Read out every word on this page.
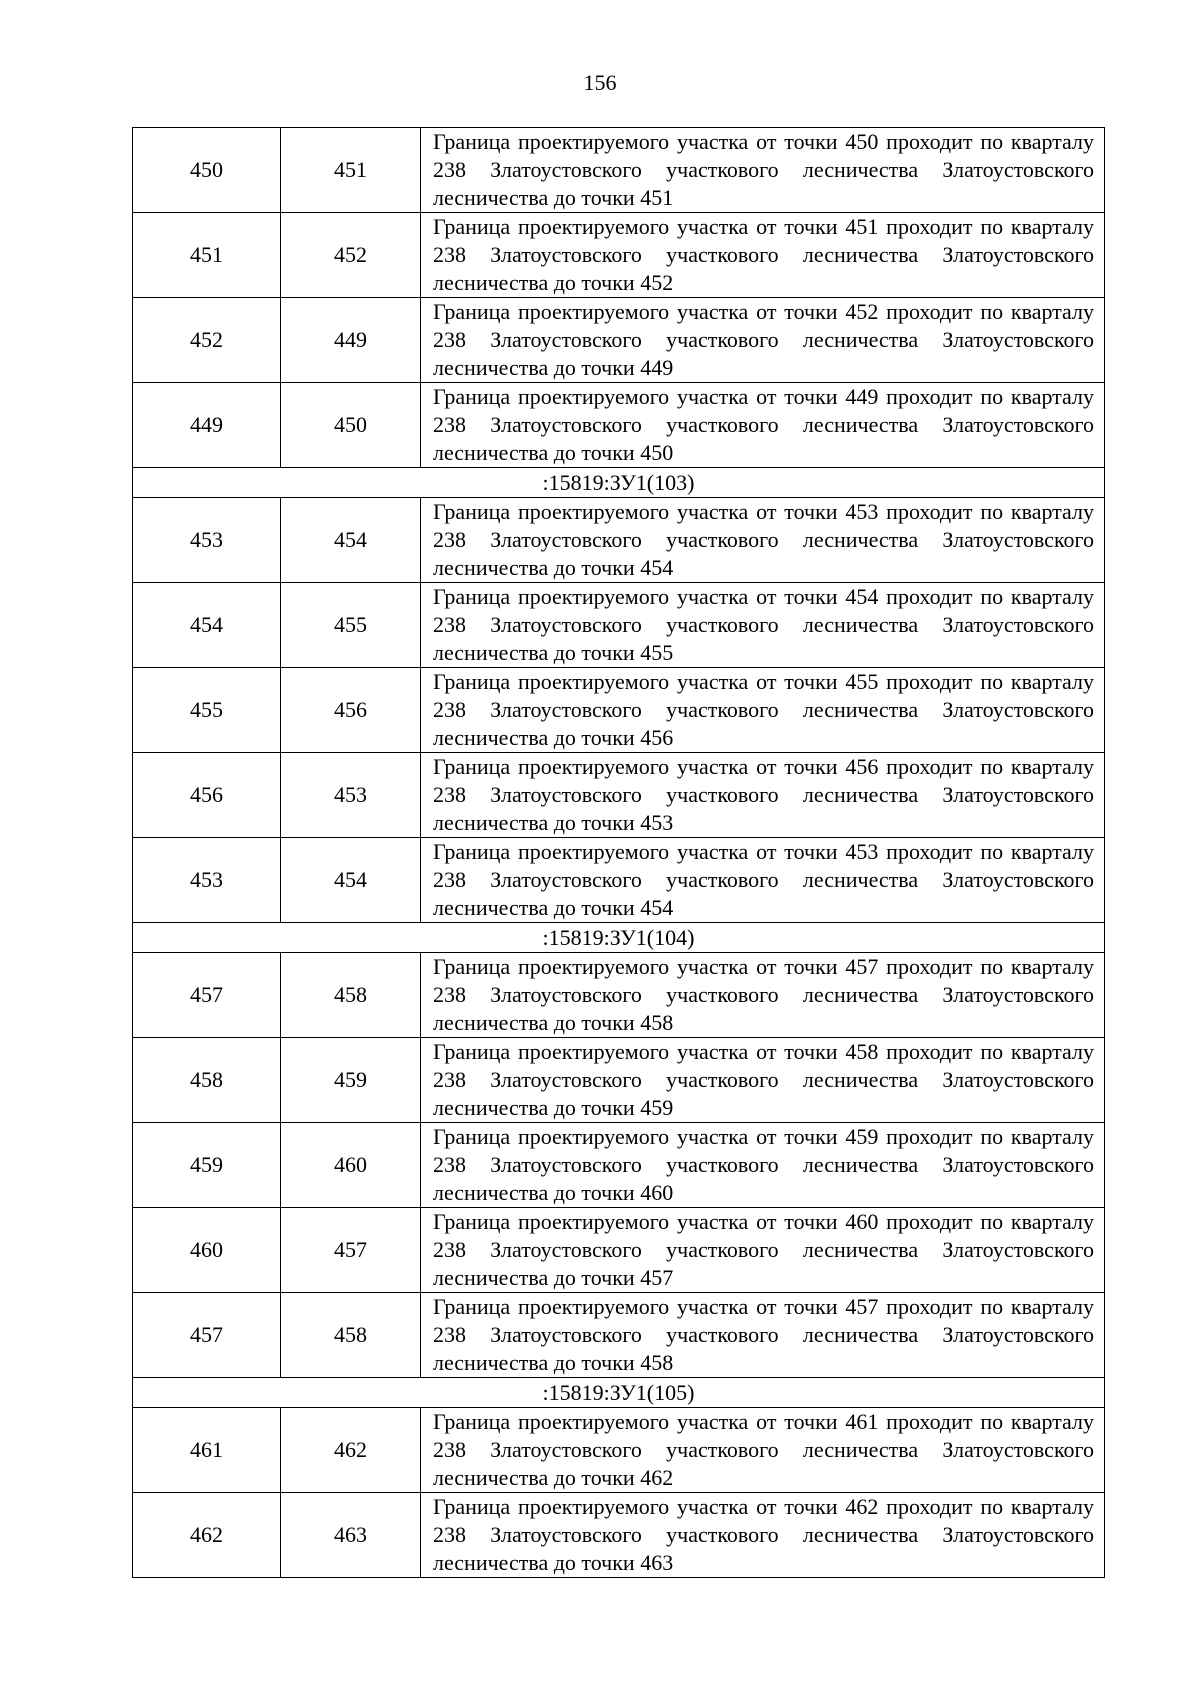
156
450	451	Граница проектируемого участка от точки 450 проходит по кварталу 238 Златоустовского участкового лесничества Златоустовского лесничества до точки 451
451	452	Граница проектируемого участка от точки 451 проходит по кварталу 238 Златоустовского участкового лесничества Златоустовского лесничества до точки 452
452	449	Граница проектируемого участка от точки 452 проходит по кварталу 238 Златоустовского участкового лесничества Златоустовского лесничества до точки 449
449	450	Граница проектируемого участка от точки 449 проходит по кварталу 238 Златоустовского участкового лесничества Златоустовского лесничества до точки 450
:15819:ЗУ1(103)		
453	454	Граница проектируемого участка от точки 453 проходит по кварталу 238 Златоустовского участкового лесничества Златоустовского лесничества до точки 454
454	455	Граница проектируемого участка от точки 454 проходит по кварталу 238 Златоустовского участкового лесничества Златоустовского лесничества до точки 455
455	456	Граница проектируемого участка от точки 455 проходит по кварталу 238 Златоустовского участкового лесничества Златоустовского лесничества до точки 456
456	453	Граница проектируемого участка от точки 456 проходит по кварталу 238 Златоустовского участкового лесничества Златоустовского лесничества до точки 453
453	454	Граница проектируемого участка от точки 453 проходит по кварталу 238 Златоустовского участкового лесничества Златоустовского лесничества до точки 454
:15819:ЗУ1(104)		
457	458	Граница проектируемого участка от точки 457 проходит по кварталу 238 Златоустовского участкового лесничества Златоустовского лесничества до точки 458
458	459	Граница проектируемого участка от точки 458 проходит по кварталу 238 Златоустовского участкового лесничества Златоустовского лесничества до точки 459
459	460	Граница проектируемого участка от точки 459 проходит по кварталу 238 Златоустовского участкового лесничества Златоустовского лесничества до точки 460
460	457	Граница проектируемого участка от точки 460 проходит по кварталу 238 Златоустовского участкового лесничества Златоустовского лесничества до точки 457
457	458	Граница проектируемого участка от точки 457 проходит по кварталу 238 Златоустовского участкового лесничества Златоустовского лесничества до точки 458
:15819:ЗУ1(105)		
461	462	Граница проектируемого участка от точки 461 проходит по кварталу 238 Златоустовского участкового лесничества Златоустовского лесничества до точки 462
462	463	Граница проектируемого участка от точки 462 проходит по кварталу 238 Златоустовского участкового лесничества Златоустовского лесничества до точки 463
